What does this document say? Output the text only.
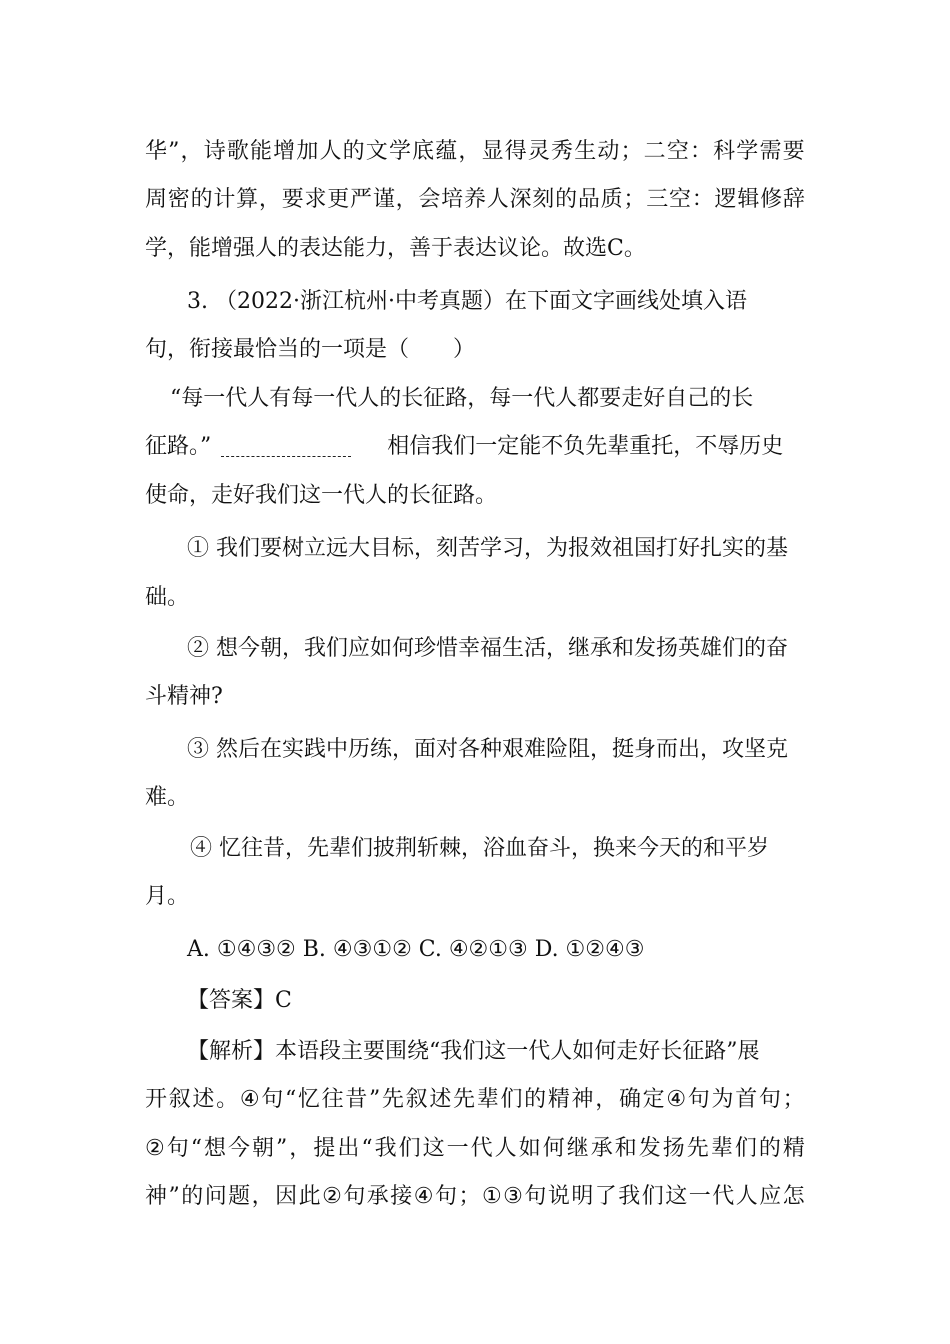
华 ” ， 诗 歌 能 增 加 人 的 文 学 底 蕴 ， 显 得 灵 秀 生 动 ； 二 空 ： 科 学 需 要
周 密 的 计 算 ， 要 求 更 严 谨 ， 会 培 养 人 深 刻 的 品 质 ； 三 空 ： 逻 辑 修 辞
学，能增强人的表达能力，善于表达议论。故选C。
3. （2022·浙江杭州·中考真题）在下面文字画线处填入语
句，衔接最恰当的一项是（　　）
“每一代人有每一代人的长征路，每一代人都要走好自己的长
征路。”	相信我们一定能不负先辈重托，不辱历史
使命，走好我们这一代人的长征路。
① 我们要树立远大目标，刻苦学习，为报效祖国打好扎实的基
础。
② 想今朝，我们应如何珍惜幸福生活，继承和发扬英雄们的奋
斗精神?
③ 然后在实践中历练，面对各种艰难险阻，挺身而出，攻坚克
难。
④ 忆往昔，先辈们披荆斩棘，浴血奋斗，换来今天的和平岁
月。
A. ①④③② B. ④③①② C. ④②①③ D. ①②④③
【答案】C
【解析】本语段主要围绕“我们这一代人如何走好长征路”展
开 叙 述 。 ④ 句 “ 忆 往 昔 ” 先 叙 述 先 辈 们 的 精 神 ， 确 定 ④ 句 为 首 句 ；
② 句 “ 想 今 朝 ” ， 提 出 “ 我 们 这 一 代 人 如 何 继 承 和 发 扬 先 辈 们 的 精
神 ” 的 问 题 ， 因 此 ② 句 承 接 ④ 句 ； ① ③ 句 说 明 了 我 们 这 一 代 人 应 怎
